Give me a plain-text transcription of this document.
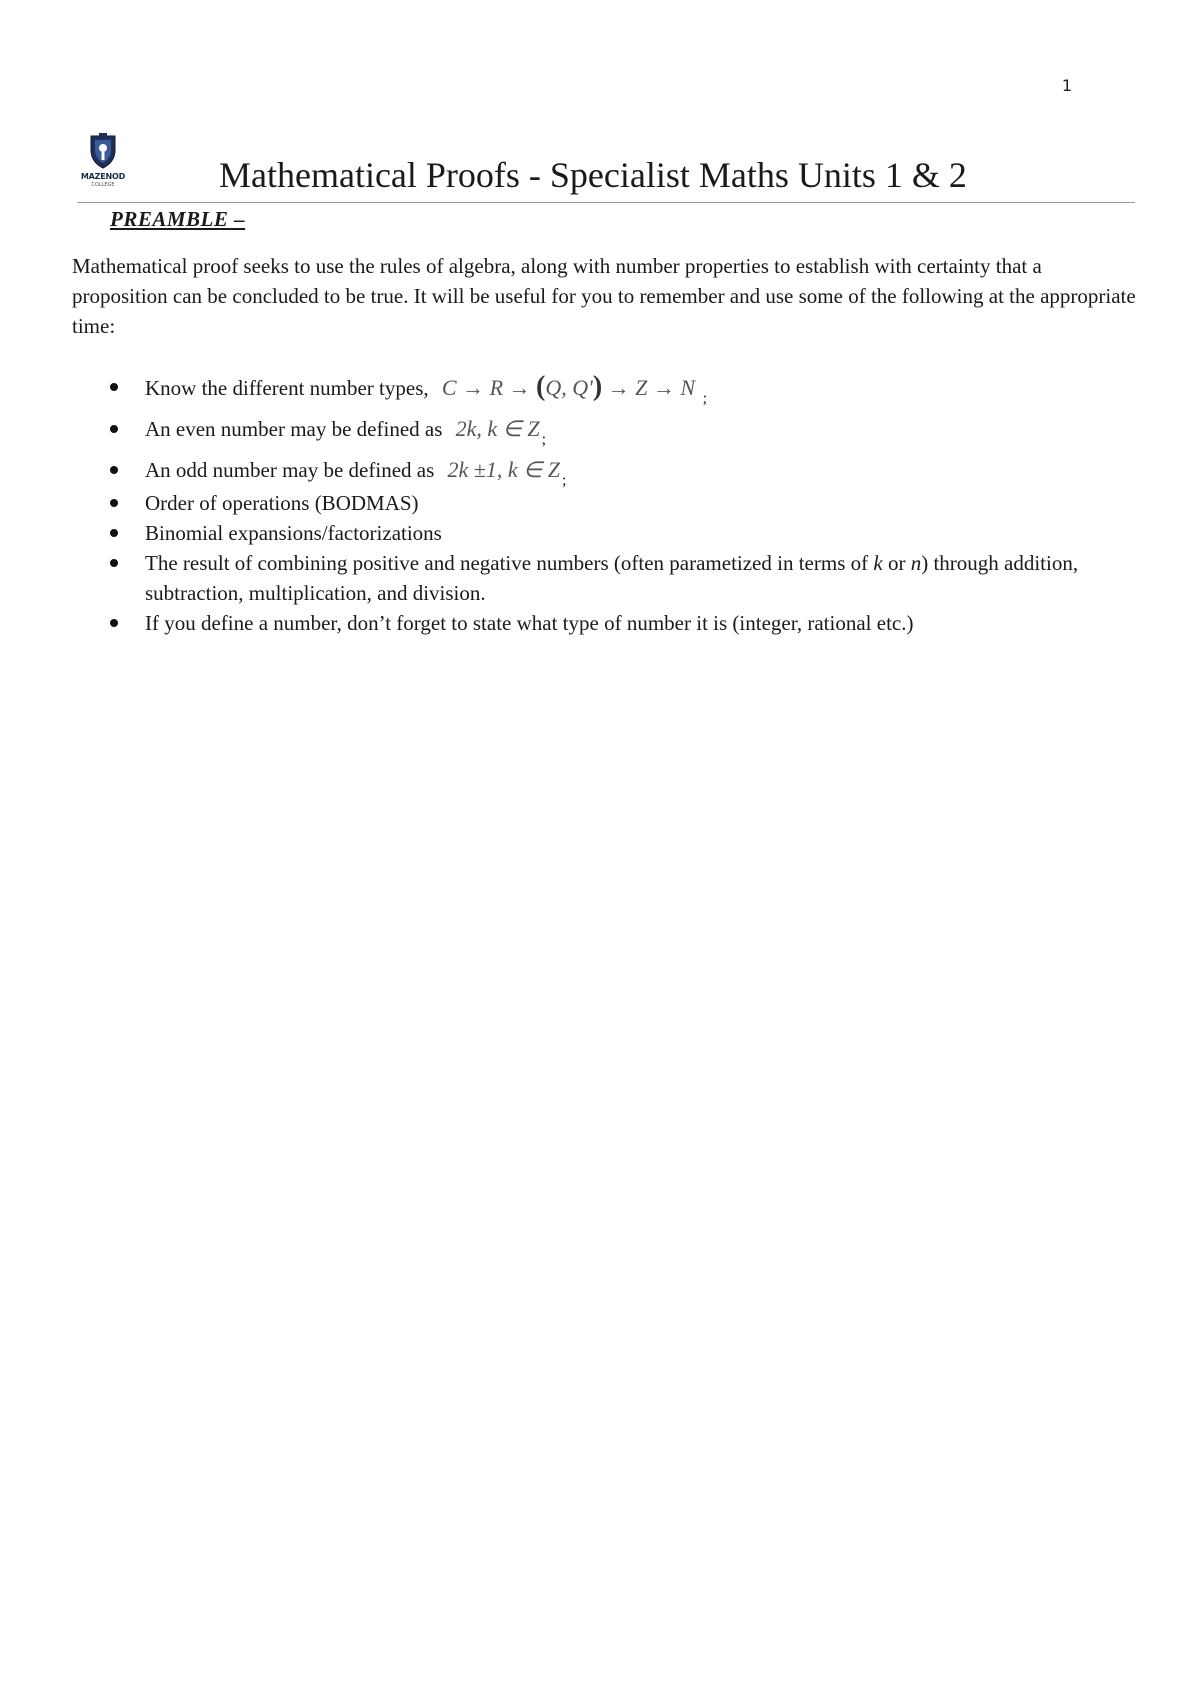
1
MAZENOD
COLLEGE	Mathematical Proofs - Specialist Maths Units 1 & 2
PREAMBLE –

Mathematical proof seeks to use the rules of algebra, along with number properties to establish with certainty that a proposition can be concluded to be true. It will be useful for you to remember and use some of the following at the appropriate time:

Know the different number types, C → R → (Q, Q') → Z → N $_;$
An even number may be defined as 2k, k ∈ Z $_;$
An odd number may be defined as 2k ±1, k ∈ Z $_;$
Order of operations (BODMAS)
Binomial expansions/factorizations
The result of combining positive and negative numbers (often parametized in terms of k or n) through addition, subtraction, multiplication, and division.
If you define a number, don’t forget to state what type of number it is (integer, rational etc.)
